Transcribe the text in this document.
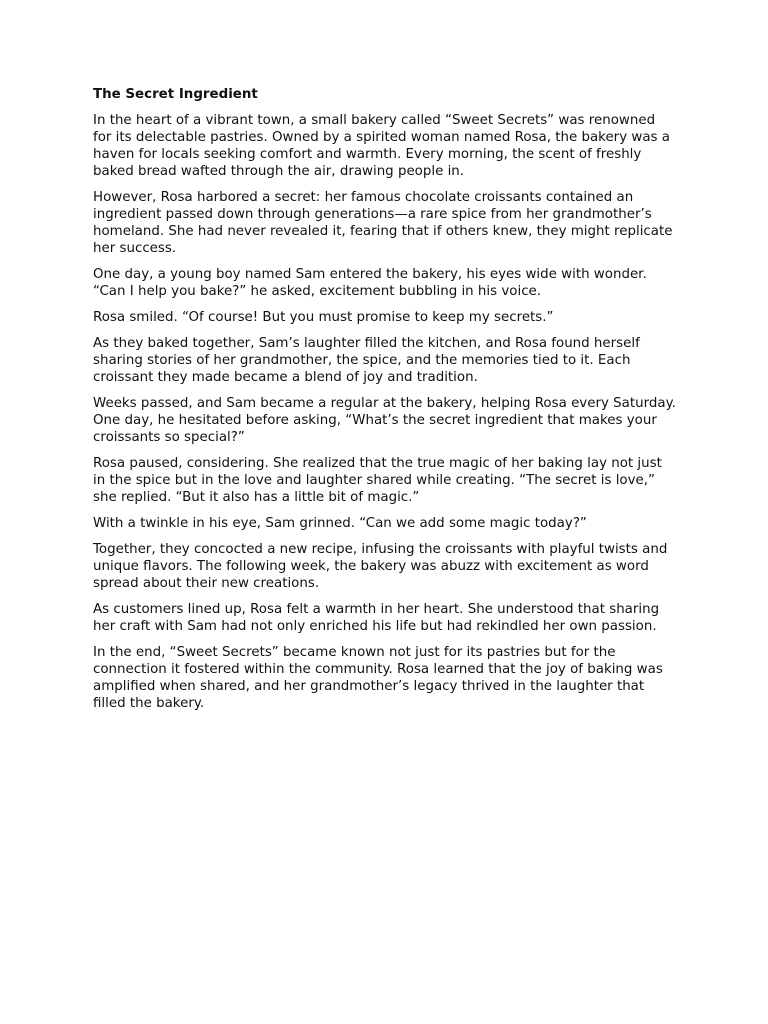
The Secret Ingredient

In the heart of a vibrant town, a small bakery called “Sweet Secrets” was renowned for its delectable pastries. Owned by a spirited woman named Rosa, the bakery was a haven for locals seeking comfort and warmth. Every morning, the scent of freshly baked bread wafted through the air, drawing people in.

However, Rosa harbored a secret: her famous chocolate croissants contained an ingredient passed down through generations—a rare spice from her grandmother’s homeland. She had never revealed it, fearing that if others knew, they might replicate her success.

One day, a young boy named Sam entered the bakery, his eyes wide with wonder. “Can I help you bake?” he asked, excitement bubbling in his voice.

Rosa smiled. “Of course! But you must promise to keep my secrets.”

As they baked together, Sam’s laughter filled the kitchen, and Rosa found herself sharing stories of her grandmother, the spice, and the memories tied to it. Each croissant they made became a blend of joy and tradition.

Weeks passed, and Sam became a regular at the bakery, helping Rosa every Saturday. One day, he hesitated before asking, “What’s the secret ingredient that makes your croissants so special?”

Rosa paused, considering. She realized that the true magic of her baking lay not just in the spice but in the love and laughter shared while creating. “The secret is love,” she replied. “But it also has a little bit of magic.”

With a twinkle in his eye, Sam grinned. “Can we add some magic today?”

Together, they concocted a new recipe, infusing the croissants with playful twists and unique flavors. The following week, the bakery was abuzz with excitement as word spread about their new creations.

As customers lined up, Rosa felt a warmth in her heart. She understood that sharing her craft with Sam had not only enriched his life but had rekindled her own passion.

In the end, “Sweet Secrets” became known not just for its pastries but for the connection it fostered within the community. Rosa learned that the joy of baking was amplified when shared, and her grandmother’s legacy thrived in the laughter that filled the bakery.
